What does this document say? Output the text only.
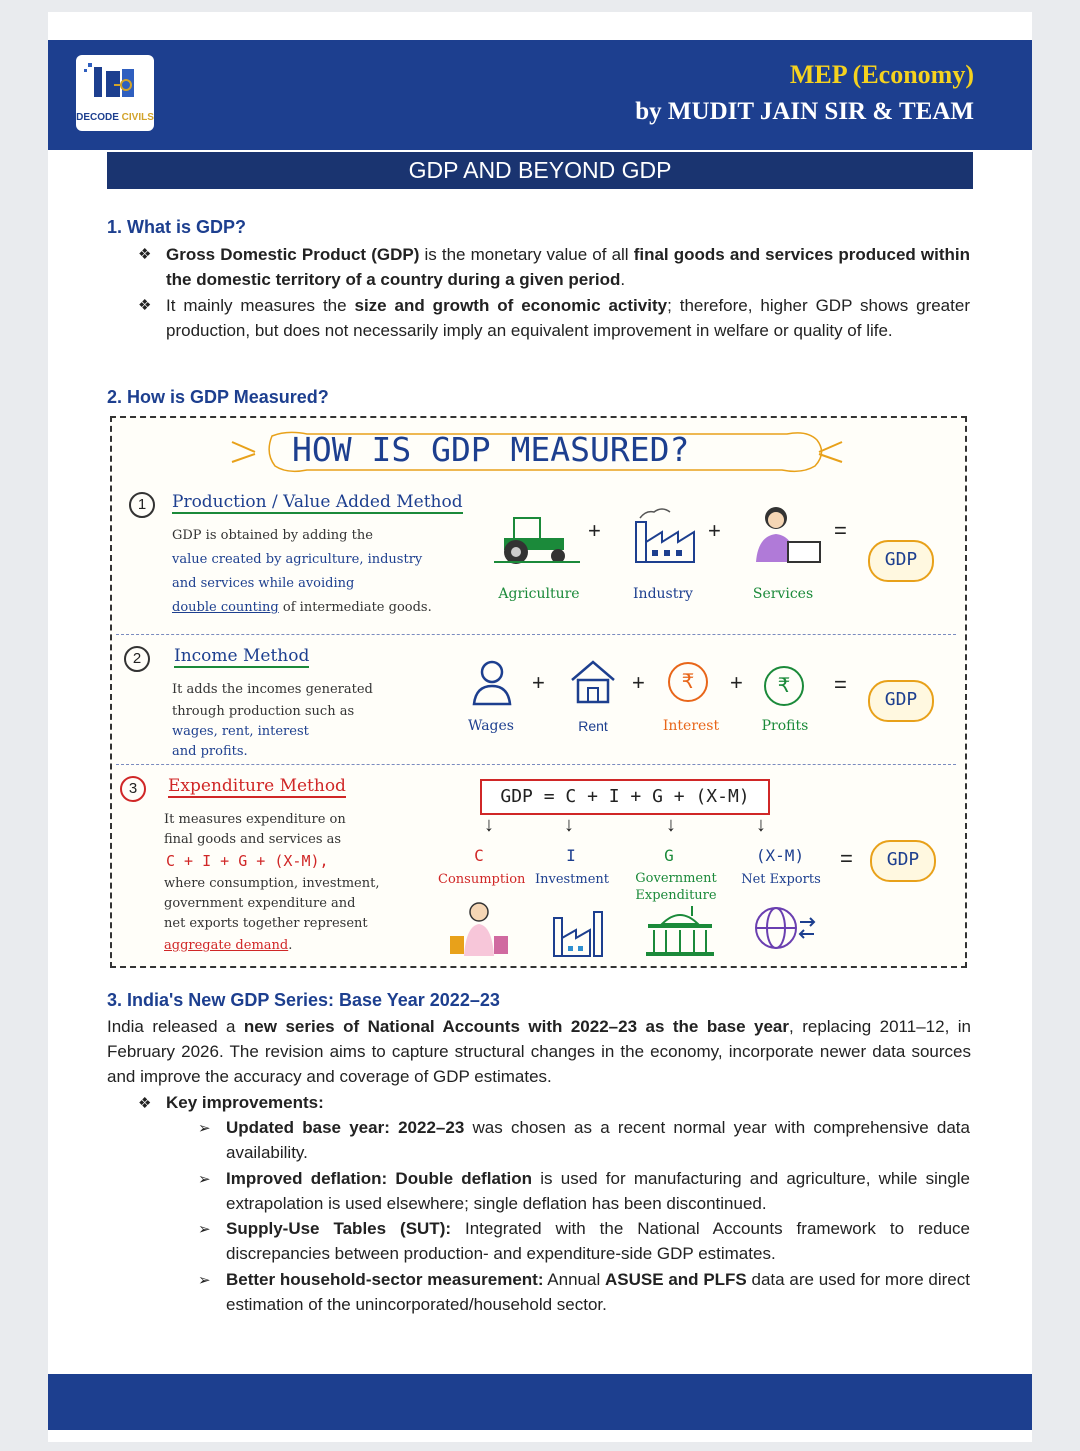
DECODE CIVILS
MEP (Economy)
by MUDIT JAIN SIR & TEAM
GDP AND BEYOND GDP
1. What is GDP?
❖ Gross Domestic Product (GDP) is the monetary value of all final goods and services produced within the domestic territory of a country during a given period.
❖ It mainly measures the size and growth of economic activity; therefore, higher GDP shows greater production, but does not necessarily imply an equivalent improvement in welfare or quality of life.
2. How is GDP Measured?
HOW IS GDP MEASURED?
1	Production / Value Added Method
GDP is obtained by adding the
value created by agriculture, industry
and services while avoiding
double counting of intermediate goods.
+	+	=
GDP
Agriculture	Industry	Services
2	Income Method
It adds the incomes generated
through production such as
wages, rent, interest
and profits.
+	+	₹	+	₹	=
GDP
Wages	Rent	Interest	Profits
3	Expenditure Method
It measures expenditure on
final goods and services as
C + I + G + (X-M),
where consumption, investment,
government expenditure and
net exports together represent
aggregate demand.
GDP = C + I + G + (X-M)
↓	↓	↓	↓
C	I	G	(X-M)	=	GDP
Consumption Investment	Government Expenditure
Net Exports
3. India's New GDP Series: Base Year 2022–23
India released a new series of National Accounts with 2022–23 as the base year, replacing 2011–12, in February 2026. The revision aims to capture structural changes in the economy, incorporate newer data sources and improve the accuracy and coverage of GDP estimates.
❖ Key improvements:
➢ Updated base year: 2022–23 was chosen as a recent normal year with comprehensive data availability.
➢ Improved deflation: Double deflation is used for manufacturing and agriculture, while single extrapolation is used elsewhere; single deflation has been discontinued.
➢ Supply-Use Tables (SUT): Integrated with the National Accounts framework to reduce discrepancies between production- and expenditure-side GDP estimates.
➢ Better household-sector measurement: Annual ASUSE and PLFS data are used for more direct estimation of the unincorporated/household sector.
